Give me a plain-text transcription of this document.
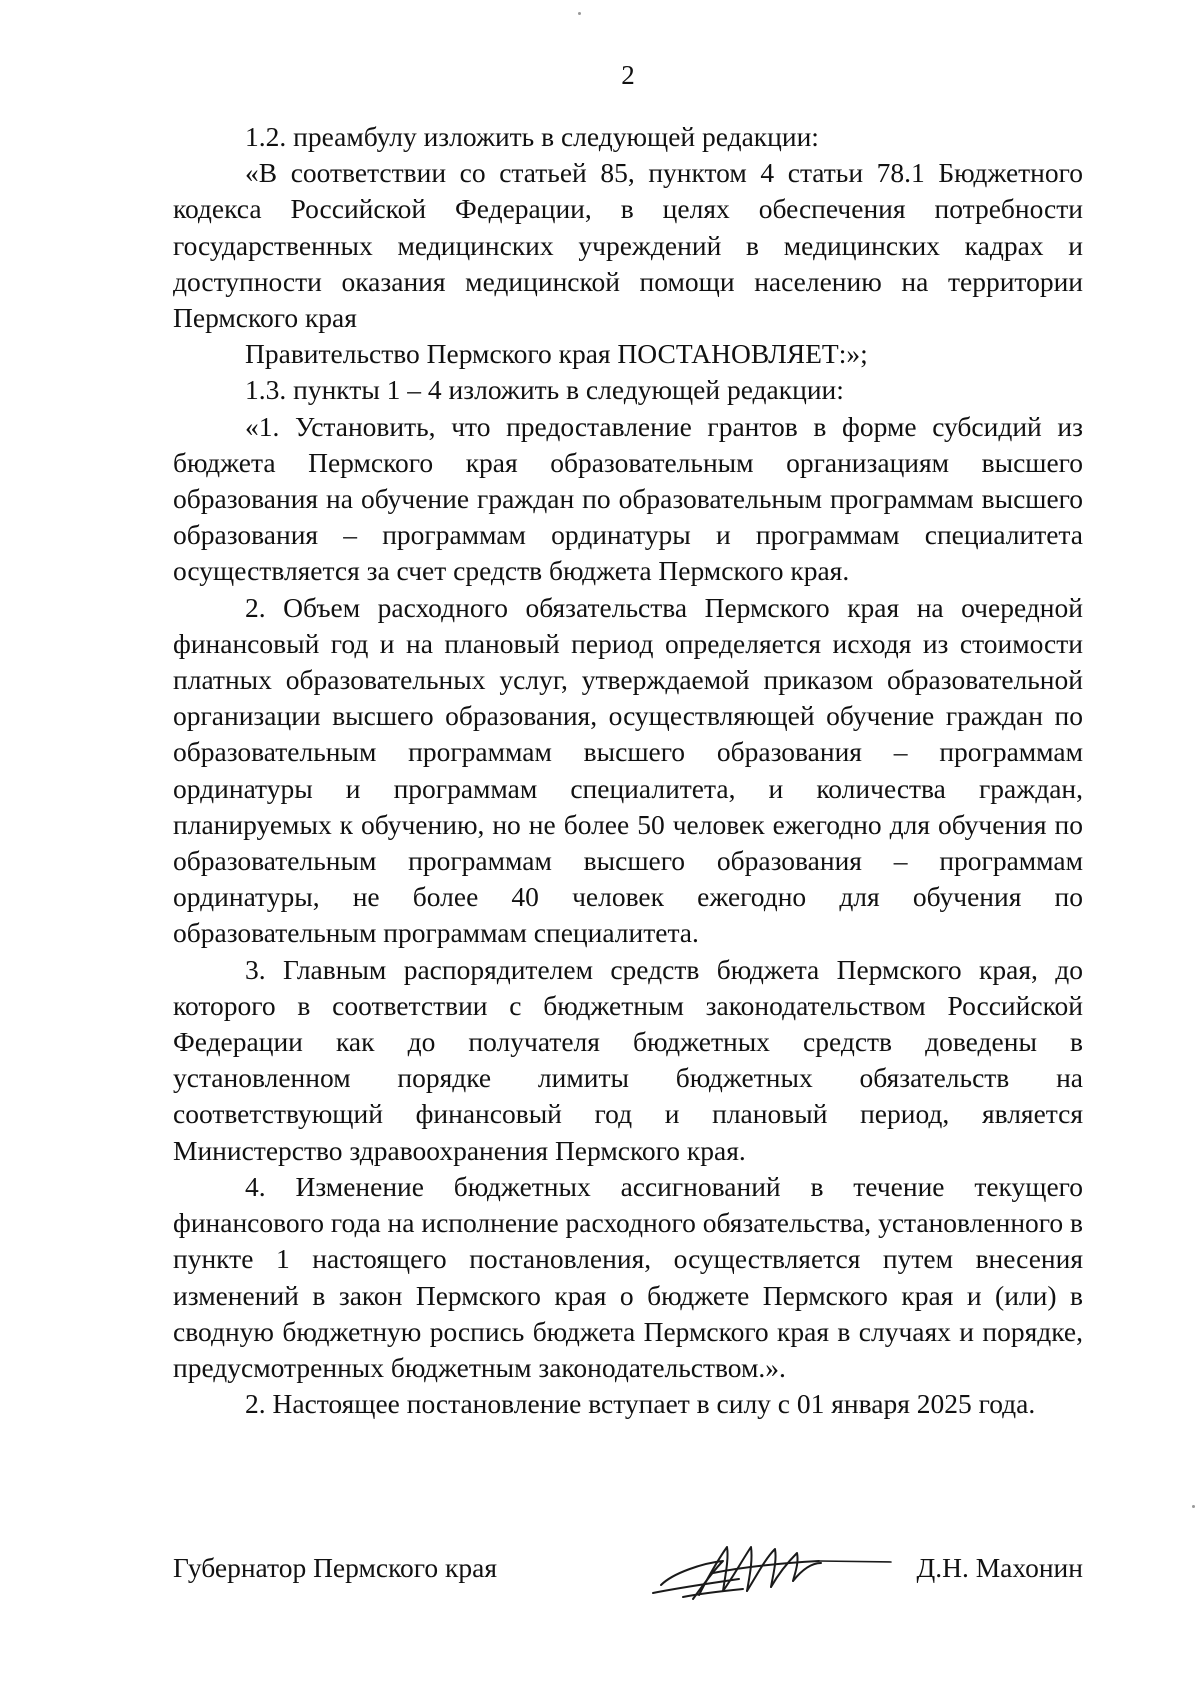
2

1.2. преамбулу изложить в следующей редакции:

«В соответствии со статьей 85, пунктом 4 статьи 78.1 Бюджетного кодекса Российской Федерации, в целях обеспечения потребности государственных медицинских учреждений в медицинских кадрах и доступности оказания медицинской помощи населению на территории Пермского края

Правительство Пермского края ПОСТАНОВЛЯЕТ:»;

1.3. пункты 1 – 4 изложить в следующей редакции:

«1. Установить, что предоставление грантов в форме субсидий из бюджета Пермского края образовательным организациям высшего образования на обучение граждан по образовательным программам высшего образования – программам ординатуры и программам специалитета осуществляется за счет средств бюджета Пермского края.

2. Объем расходного обязательства Пермского края на очередной финансовый год и на плановый период определяется исходя из стоимости платных образовательных услуг, утверждаемой приказом образовательной организации высшего образования, осуществляющей обучение граждан по образовательным программам высшего образования – программам ординатуры и программам специалитета, и количества граждан, планируемых к обучению, но не более 50 человек ежегодно для обучения по образовательным программам высшего образования – программам ординатуры, не более 40 человек ежегодно для обучения по образовательным программам специалитета.

3. Главным распорядителем средств бюджета Пермского края, до которого в соответствии с бюджетным законодательством Российской Федерации как до получателя бюджетных средств доведены в установленном порядке лимиты бюджетных обязательств на соответствующий финансовый год и плановый период, является Министерство здравоохранения Пермского края.

4. Изменение бюджетных ассигнований в течение текущего финансового года на исполнение расходного обязательства, установленного в пункте 1 настоящего постановления, осуществляется путем внесения изменений в закон Пермского края о бюджете Пермского края и (или) в сводную бюджетную роспись бюджета Пермского края в случаях и порядке, предусмотренных бюджетным законодательством.».

2. Настоящее постановление вступает в силу с 01 января 2025 года.

Губернатор Пермского края	Д.Н. Махонин
